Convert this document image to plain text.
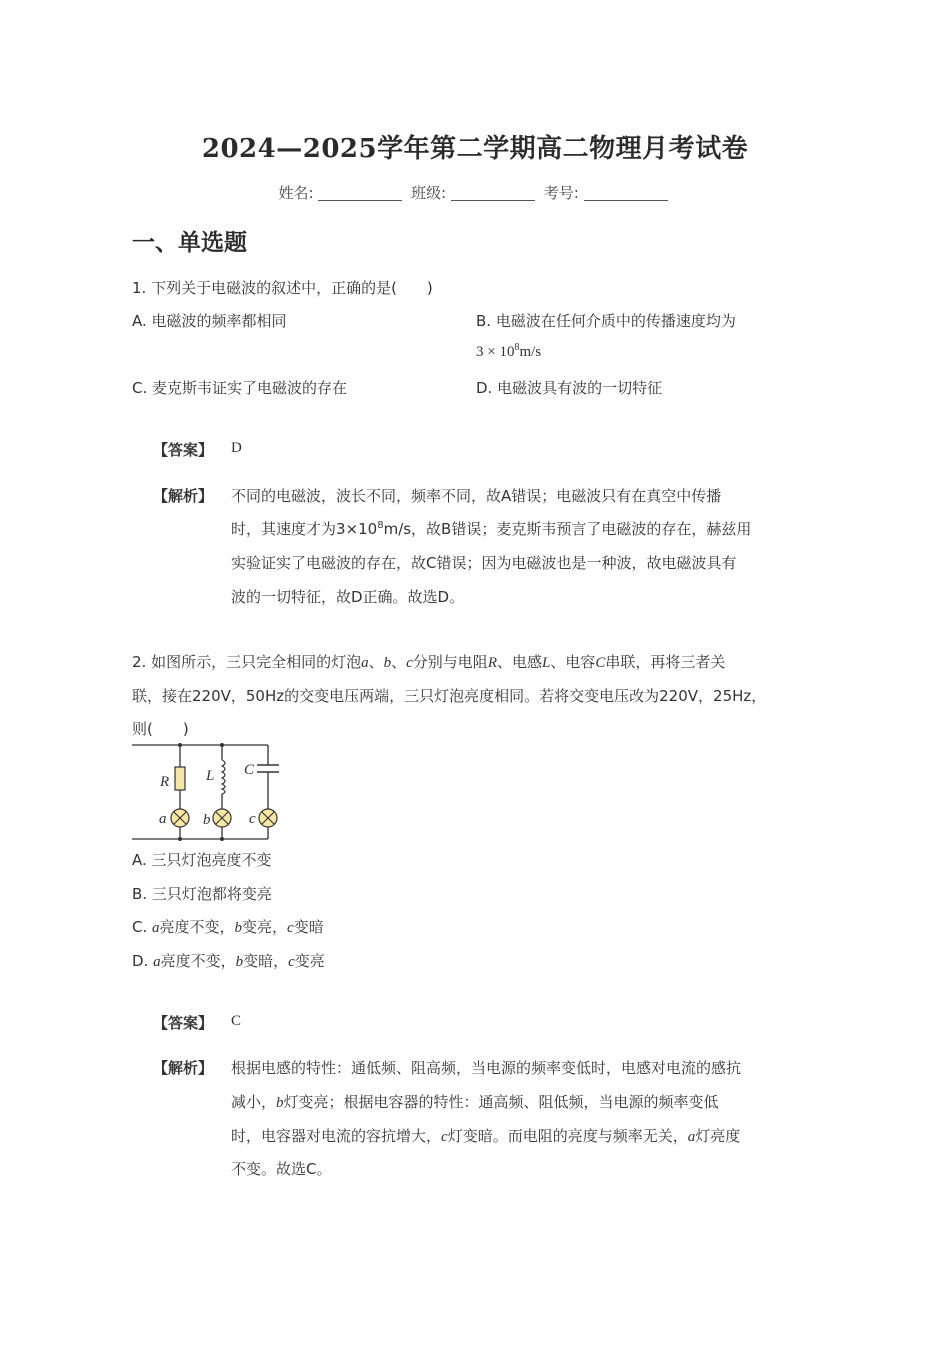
2024—2025学年第二学期高二物理月考试卷
姓名:	班级:	考号:
一、单选题
1. 下列关于电磁波的叙述中，正确的是(　　)
A. 电磁波的频率都相同	B. 电磁波在任何介质中的传播速度均为
$3 \times 10^8m/s$
C. 麦克斯韦证实了电磁波的存在	D. 电磁波具有波的一切特征
【答案】 D
【解析】 不同的电磁波，波长不同，频率不同，故A错误；电磁波只有在真空中传播
时，其速度才为$3\times 10^8m/s$，故B错误；麦克斯韦预言了电磁波的存在，赫兹用
实验证实了电磁波的存在，故C错误；因为电磁波也是一种波，故电磁波具有
波的一切特征，故D正确。故选D。
2. 如图所示，三只完全相同的灯泡a、b、c分别与电阻R、电感L、电容C串联，再将三者关
联，接在220V，50Hz的交变电压两端，三只灯泡亮度相同。若将交变电压改为220V，25Hz，
则(　　)
R L C
a b	c
A. 三只灯泡亮度不变
B. 三只灯泡都将变亮
C. a亮度不变，b变亮，c变暗
D. a亮度不变，b变暗，c变亮
【答案】 C
【解析】 根据电感的特性：通低频、阻高频，当电源的频率变低时，电感对电流的感抗
减小，b灯变亮；根据电容器的特性：通高频、阻低频，当电源的频率变低
时，电容器对电流的容抗增大，c灯变暗。而电阻的亮度与频率无关，a灯亮度
不变。故选C。
